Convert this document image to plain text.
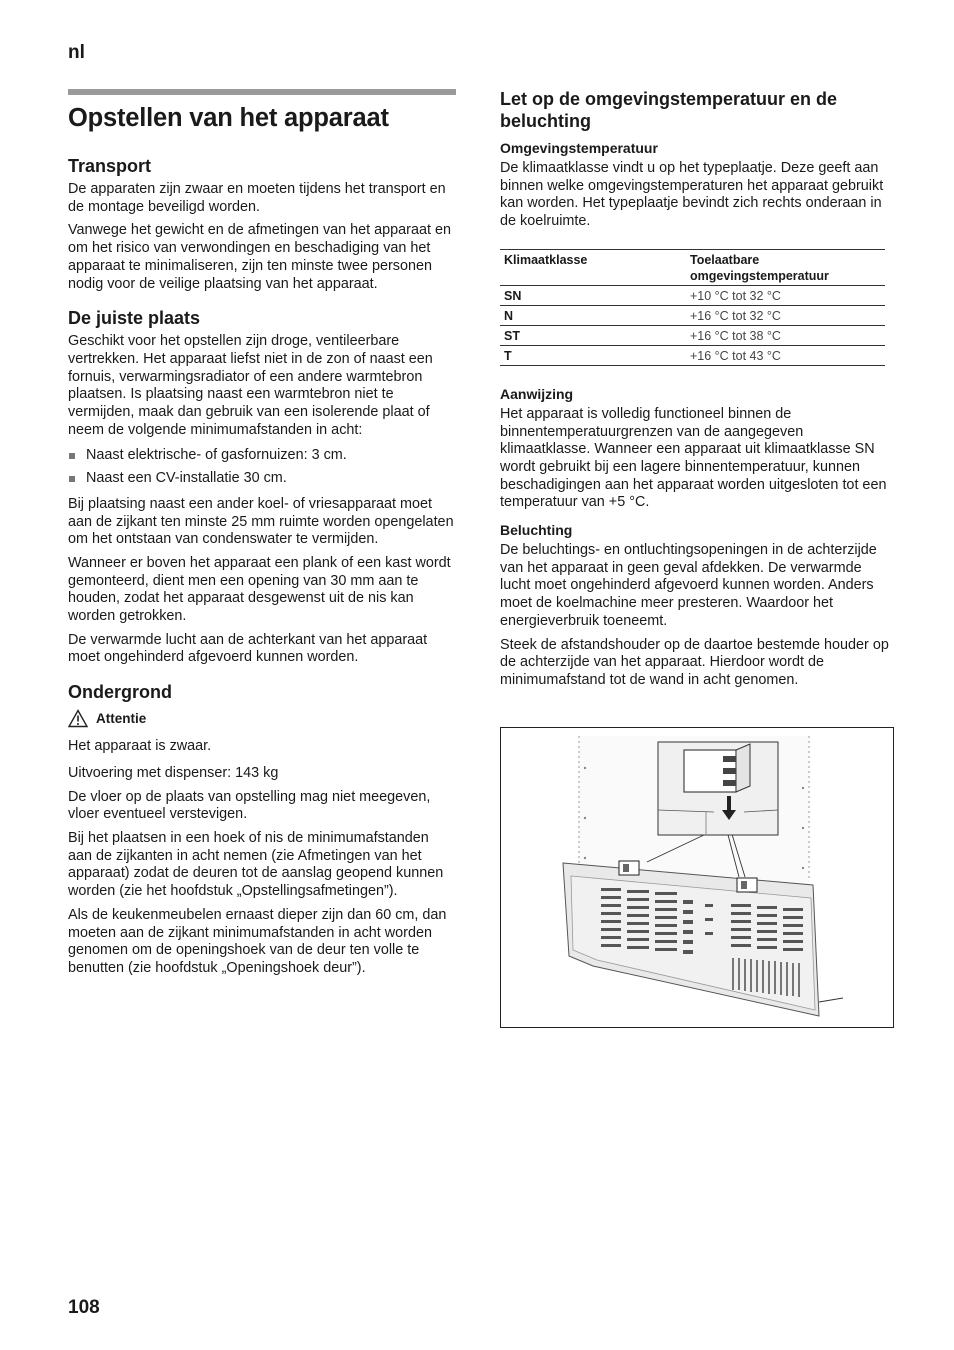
nl
Opstellen van het apparaat
Transport

De apparaten zijn zwaar en moeten tijdens het transport en de montage beveiligd worden.

Vanwege het gewicht en de afmetingen van het apparaat en om het risico van verwondingen en beschadiging van het apparaat te minimaliseren, zijn ten minste twee personen nodig voor de veilige plaatsing van het apparaat.

De juiste plaats

Geschikt voor het opstellen zijn droge, ventileerbare vertrekken. Het apparaat liefst niet in de zon of naast een fornuis, verwarmingsradiator of een andere warmtebron plaatsen. Is plaatsing naast een warmtebron niet te vermijden, maak dan gebruik van een isolerende plaat of neem de volgende minimumafstanden in acht:

Naast elektrische- of gasfornuizen: 3 cm.
Naast een CV-installatie 30 cm.

Bij plaatsing naast een ander koel- of vriesapparaat moet aan de zijkant ten minste 25 mm ruimte worden opengelaten om het ontstaan van condenswater te vermijden.

Wanneer er boven het apparaat een plank of een kast wordt gemonteerd, dient men een opening van 30 mm aan te houden, zodat het apparaat desgewenst uit de nis kan worden getrokken.

De verwarmde lucht aan de achterkant van het apparaat moet ongehinderd afgevoerd kunnen worden.

Ondergrond
Attentie

Het apparaat is zwaar.

Uitvoering met dispenser: 143 kg

De vloer op de plaats van opstelling mag niet meegeven, vloer eventueel verstevigen.

Bij het plaatsen in een hoek of nis de minimumafstanden aan de zijkanten in acht nemen (zie Afmetingen van het apparaat) zodat de deuren tot de aanslag geopend kunnen worden (zie het hoofdstuk „Opstellingsafmetingen”).

Als de keukenmeubelen ernaast dieper zijn dan 60 cm, dan moeten aan de zijkant minimumafstanden in acht worden genomen om de openingshoek van de deur ten volle te benutten (zie hoofdstuk „Openingshoek deur”).

Let op de omgevingstemperatuur en de beluchting
Omgevingstemperatuur

De klimaatklasse vindt u op het typeplaatje. Deze geeft aan binnen welke omgevingstemperaturen het apparaat gebruikt kan worden. Het typeplaatje bevindt zich rechts onderaan in de koelruimte.

Klimaatklasse	Toelaatbare omgevingstemperatuur
SN	+10 °C tot 32 °C
N	+16 °C tot 32 °C
ST	+16 °C tot 38 °C
T	+16 °C tot 43 °C
Aanwijzing

Het apparaat is volledig functioneel binnen de binnentemperatuurgrenzen van de aangegeven klimaatklasse. Wanneer een apparaat uit klimaatklasse SN wordt gebruikt bij een lagere binnentemperatuur, kunnen beschadigingen aan het apparaat worden uitgesloten tot een temperatuur van +5 °C.

Beluchting

De beluchtings- en ontluchtingsopeningen in de achterzijde van het apparaat in geen geval afdekken. De verwarmde lucht moet ongehinderd afgevoerd kunnen worden. Anders moet de koelmachine meer presteren. Waardoor het energieverbruik toeneemt.

Steek de afstandshouder op de daartoe bestemde houder op de achterzijde van het apparaat. Hierdoor wordt de minimumafstand tot de wand in acht genomen.

108
